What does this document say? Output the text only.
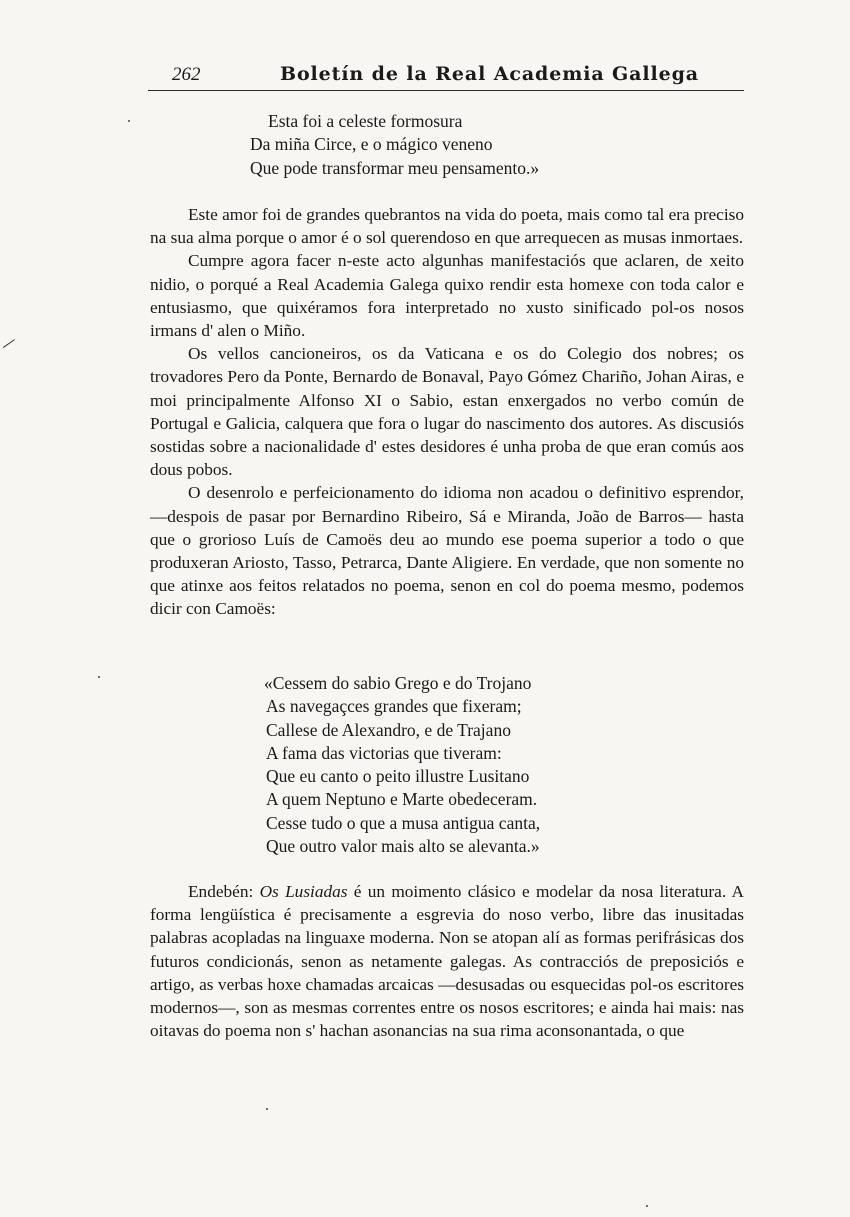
262	Boletín de la Real Academia Gallega
Esta foi a celeste formosura
Da miña Circe, e o mágico veneno
Que pode transformar meu pensamento.»

Este amor foi de grandes quebrantos na vida do poeta, mais como tal era preciso na sua alma porque o amor é o sol querendoso en que arrequecen as musas inmortaes.

Cumpre agora facer n-este acto algunhas manifestaciós que aclaren, de xeito nidio, o porqué a Real Academia Galega quixo rendir esta homexe con toda calor e entusiasmo, que quixéramos fora interpretado no xusto sinificado pol-os nosos irmans d' alen o Miño.

Os vellos cancioneiros, os da Vaticana e os do Colegio dos nobres; os trovadores Pero da Ponte, Bernardo de Bonaval, Payo Gómez Chariño, Johan Airas, e moi principalmente Alfonso XI o Sabio, estan enxergados no verbo común de Portugal e Galicia, calquera que fora o lugar do nascimento dos autores. As discusiós sostidas sobre a nacionalidade d' estes desidores é unha proba de que eran comús aos dous pobos.

O desenrolo e perfeicionamento do idioma non acadou o definitivo esprendor, —despois de pasar por Bernardino Ribeiro, Sá e Miranda, João de Barros— hasta que o grorioso Luís de Camoës deu ao mundo ese poema superior a todo o que produxeran Ariosto, Tasso, Petrarca, Dante Aligiere. En verdade, que non somente no que atinxe aos feitos relatados no poema, senon en col do poema mesmo, podemos dicir con Camoës:

«Cessem do sabio Grego e do Trojano
As navegaçces grandes que fixeram;
Callese de Alexandro, e de Trajano
A fama das victorias que tiveram:
Que eu canto o peito illustre Lusitano
A quem Neptuno e Marte obedeceram.
Cesse tudo o que a musa antigua canta,
Que outro valor mais alto se alevanta.»

Endebén: Os Lusiadas é un moimento clásico e modelar da nosa literatura. A forma lengüística é precisamente a esgrevia do noso verbo, libre das inusitadas palabras acopladas na linguaxe moderna. Non se atopan alí as formas perifrásicas dos futuros condicionás, senon as netamente galegas. As contracciós de preposiciós e artigo, as verbas hoxe chamadas arcaicas —desusadas ou esquecidas pol-os escritores modernos—, son as mesmas correntes entre os nosos escritores; e ainda hai mais: nas oitavas do poema non s' hachan asonancias na sua rima aconsonantada, o que
